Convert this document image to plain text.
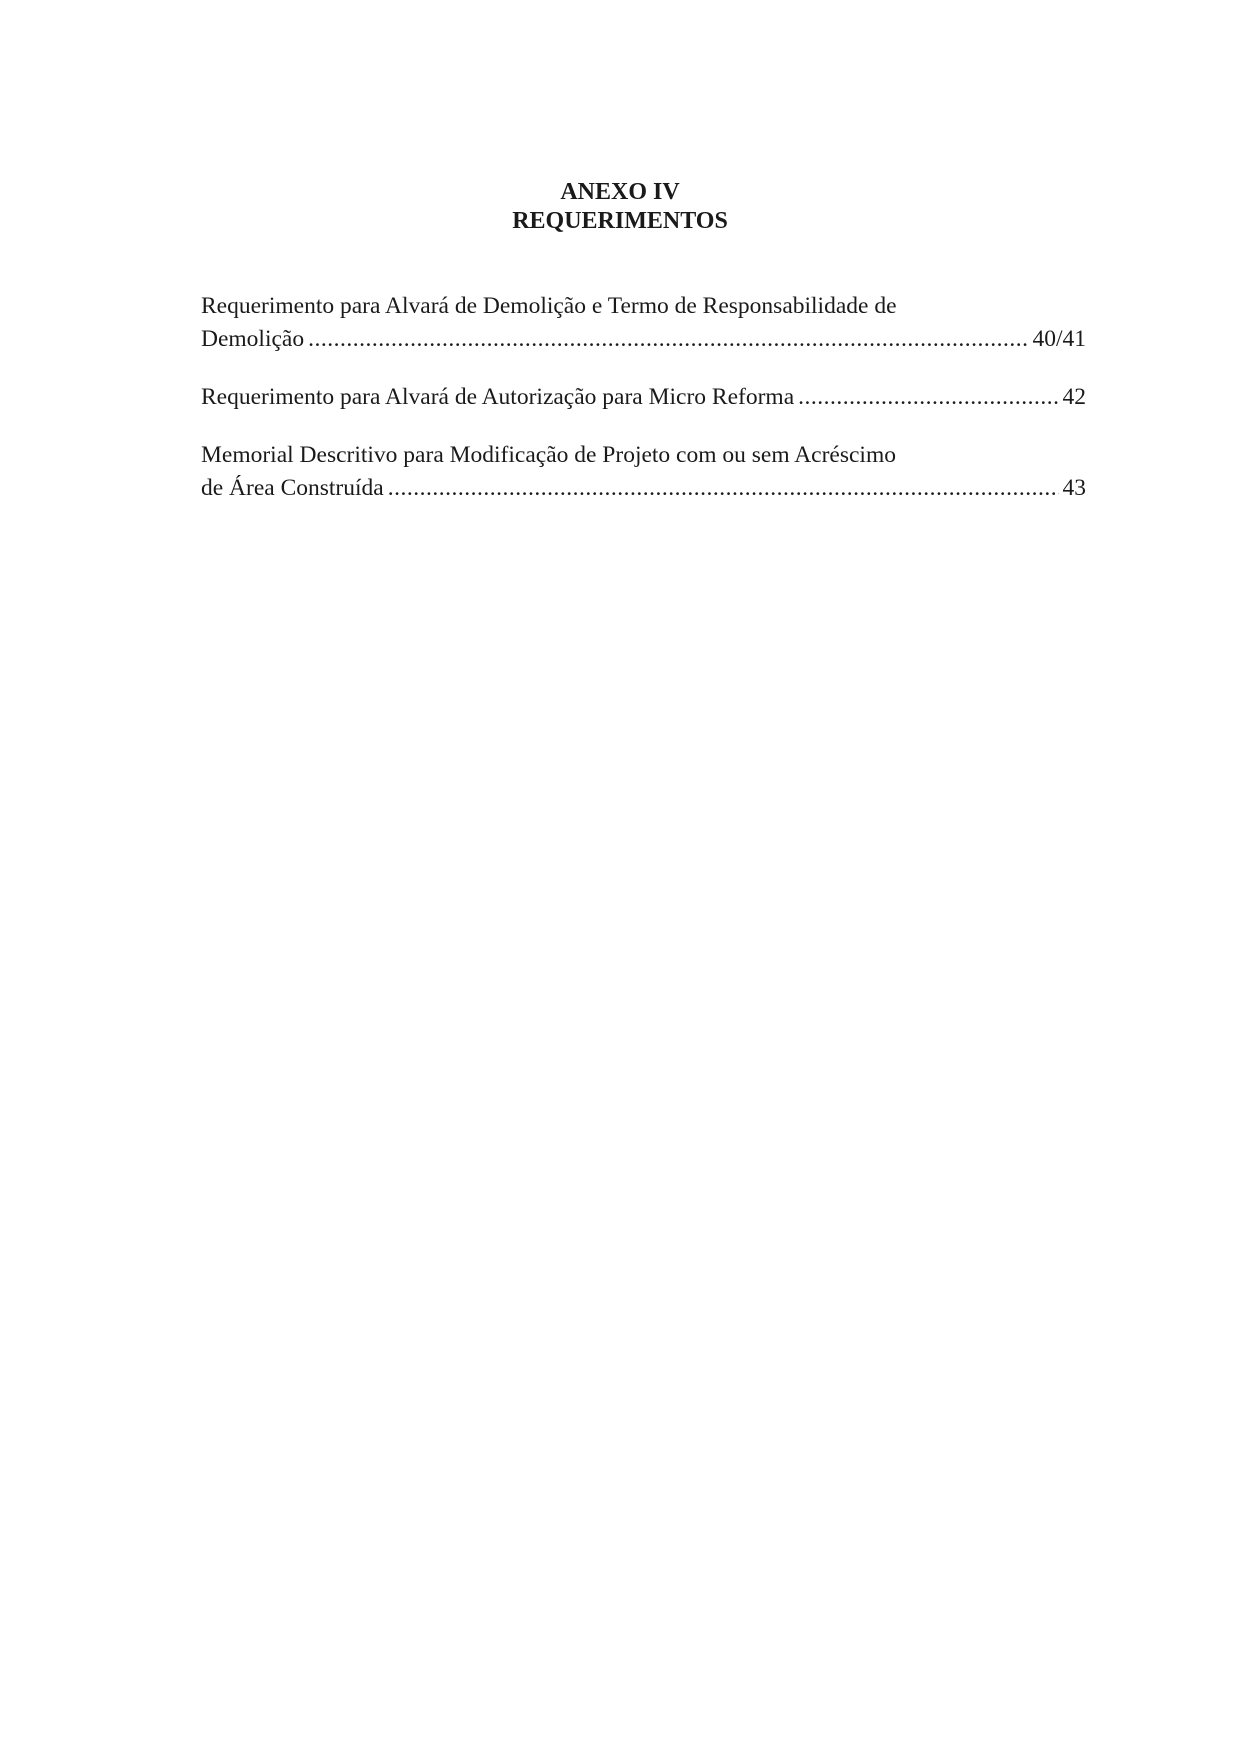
ANEXO IV
REQUERIMENTOS
Requerimento para Alvará de Demolição e Termo de Responsabilidade de
Demolição .....	40/41
Requerimento para Alvará de Autorização para Micro Reforma .....	42
Memorial Descritivo para Modificação de Projeto com ou sem Acréscimo
de Área Construída .....	43
